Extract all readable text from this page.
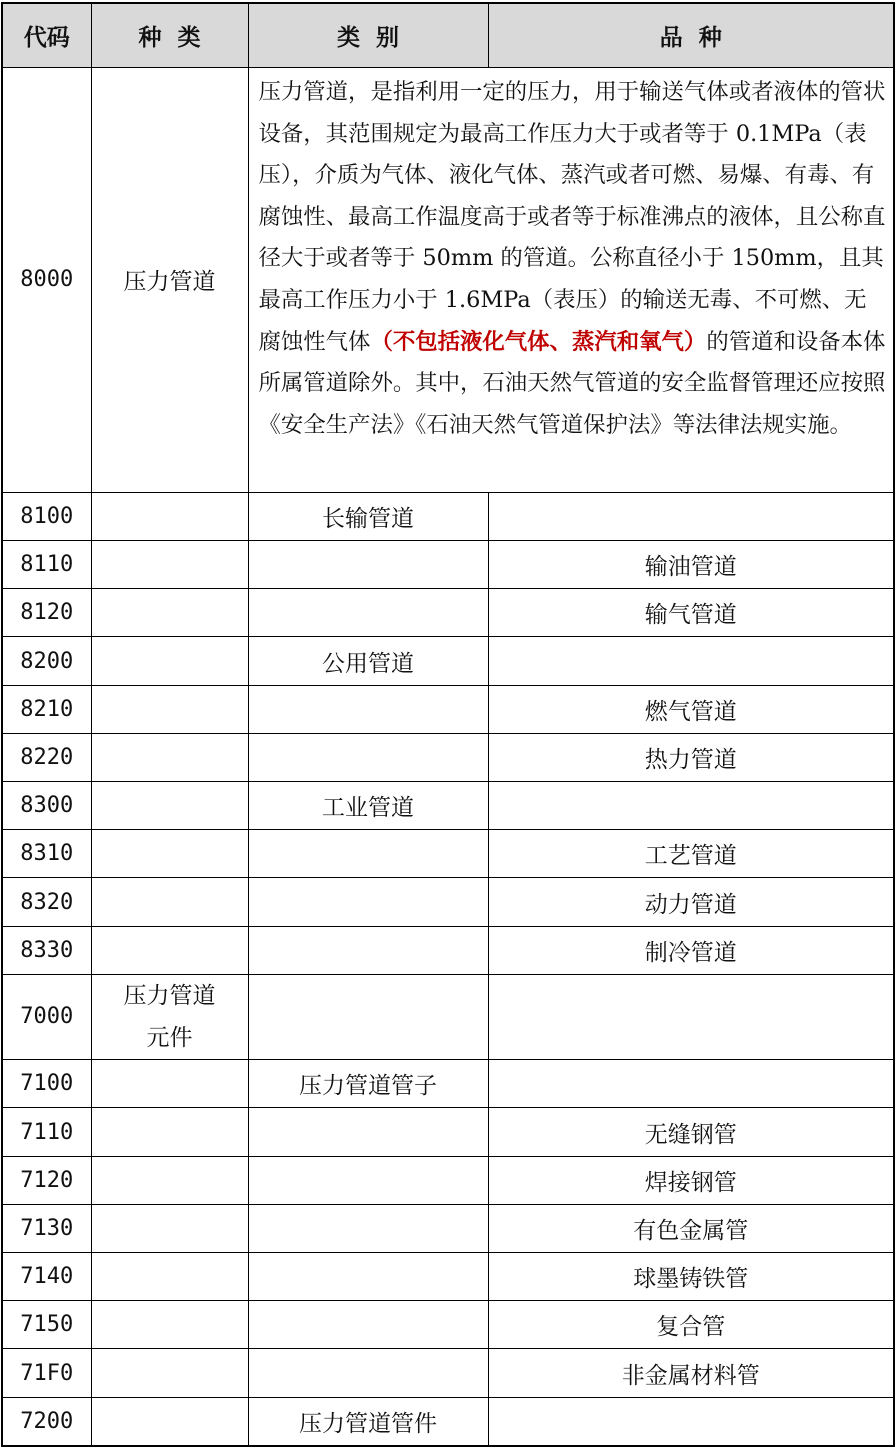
代码	种  类	类  别	品  种
8000	压力管道	压力管道，是指利用一定的压力，用于输送气体或者液体的管状设备，其范围规定为最高工作压力大于或者等于 0.1MPa（表压），介质为气体、液化气体、蒸汽或者可燃、易爆、有毒、有腐蚀性、最高工作温度高于或者等于标准沸点的液体，且公称直径大于或者等于 50mm 的管道。公称直径小于 150mm，且其最高工作压力小于 1.6MPa（表压）的输送无毒、不可燃、无腐蚀性气体（不包括液化气体、蒸汽和氧气）的管道和设备本体所属管道除外。其中，石油天然气管道的安全监督管理还应按照《安全生产法》《石油天然气管道保护法》等法律法规实施。	
8100		长输管道	
8110			输油管道
8120			输气管道
8200		公用管道	
8210			燃气管道
8220			热力管道
8300		工业管道	
8310			工艺管道
8320			动力管道
8330			制冷管道
7000	压力管道元件		
7100		压力管道管子	
7110			无缝钢管
7120			焊接钢管
7130			有色金属管
7140			球墨铸铁管
7150			复合管
71F0			非金属材料管
7200		压力管道管件	
